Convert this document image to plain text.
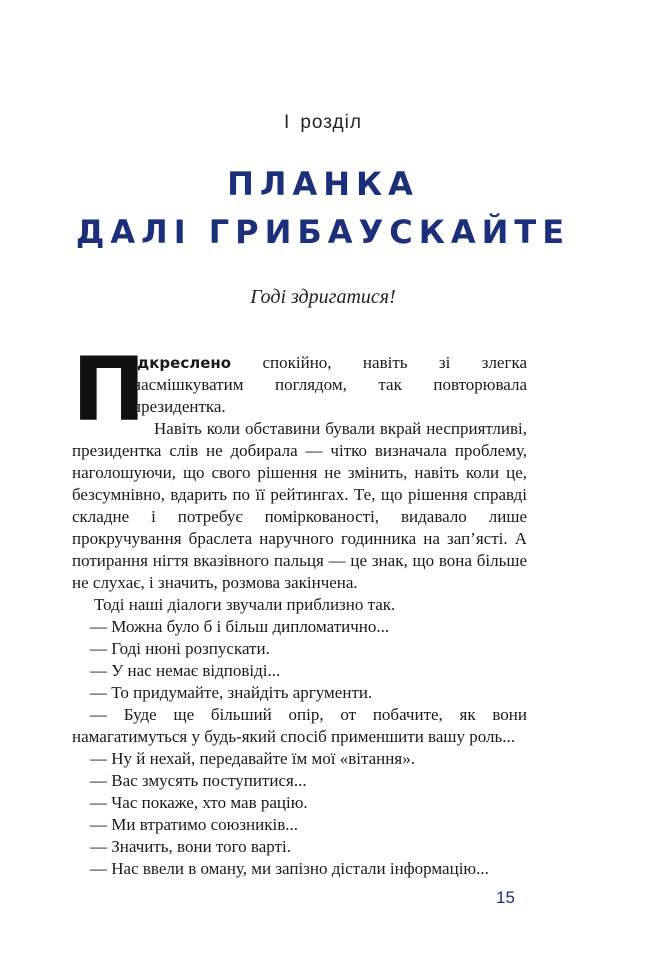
I розділ
ПЛАНКА
ДАЛІ ГРИБАУСКАЙТЕ
Годі здригатися!

П
ідкреслено спокійно, навіть зі злегка насмішкуватим поглядом, так повторювала президентка.

Навіть коли обставини бували вкрай несприятливі, президентка слів не добирала — чітко визначала проблему, наголошуючи, що свого рішення не змінить, навіть коли це, безсумнівно, вдарить по її рейтингах. Те, що рішення справді складне і потребує поміркованості, видавало лише прокручування браслета наручного годинника на зап’ясті. А потирання нігтя вказівного пальця — це знак, що вона більше не слухає, і значить, розмова закінчена.

Тоді наші діалоги звучали приблизно так.

— Можна було б і більш дипломатично...

— Годі нюні розпускати.

— У нас немає відповіді...

— То придумайте, знайдіть аргументи.

— Буде ще більший опір, от побачите, як вони намагатимуться у будь-який спосіб применшити вашу роль...

— Ну й нехай, передавайте їм мої «вітання».

— Вас змусять поступитися...

— Час покаже, хто мав рацію.

— Ми втратимо союзників...

— Значить, вони того варті.

— Нас ввели в оману, ми запізно дістали інформацію...

15
